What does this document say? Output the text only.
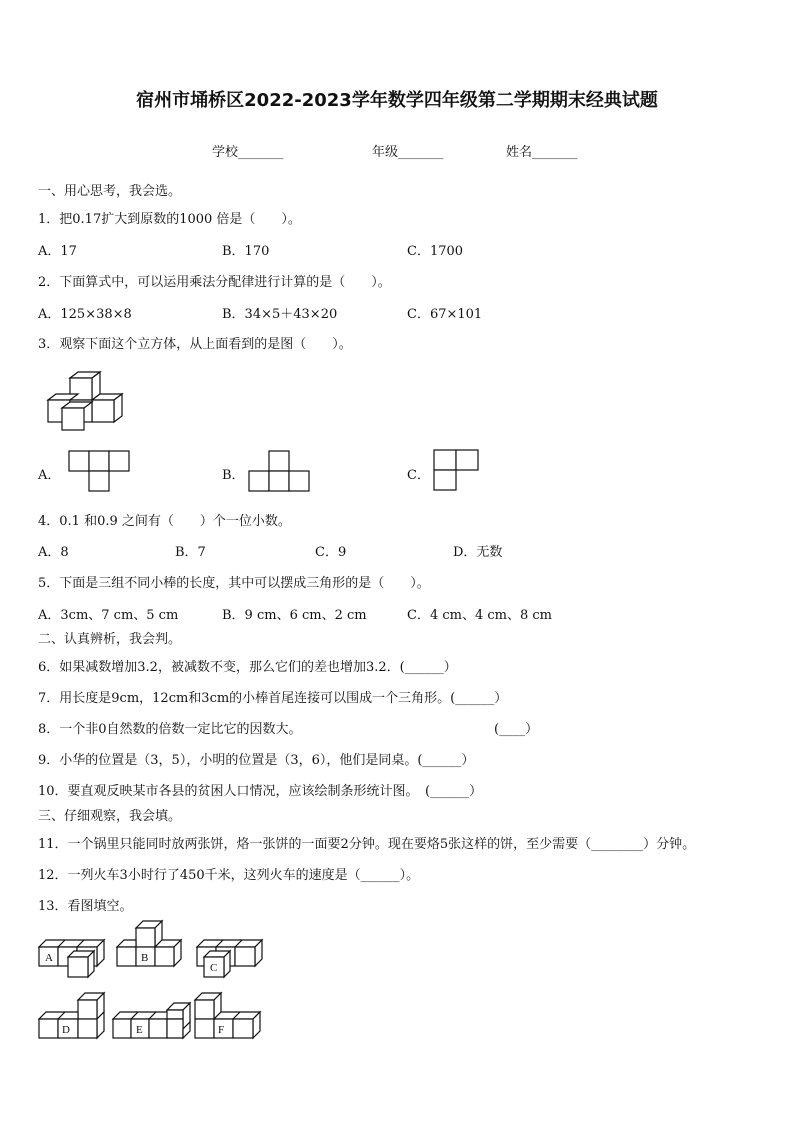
宿州市埇桥区2022-2023学年数学四年级第二学期期末经典试题
学校_______	年级_______	姓名_______
一、用心思考，我会选。
1．把0.17扩大到原数的1000 倍是（　　）。
A．17	B．170	C．1700
2．下面算式中，可以运用乘法分配律进行计算的是（　　）。
A．125×38×8	B．34×5＋43×20	C．67×101
3．观察下面这个立方体，从上面看到的是图（　　）。
A．	B．	C．
4．0.1 和0.9 之间有（　　）个一位小数。
A．8	B．7	C．9	D．无数
5．下面是三组不同小棒的长度，其中可以摆成三角形的是（　　）。
A．3cm、7 cm、5 cm	B．9 cm、6 cm、2 cm	C．4 cm、4 cm、8 cm
二、认真辨析，我会判。
6．如果减数增加3.2，被减数不变，那么它们的差也增加3.2．(______）
7．用长度是9cm，12cm和3cm的小棒首尾连接可以围成一个三角形。(______）
8．一个非0自然数的倍数一定比它的因数大。	(____）
9．小华的位置是（3，5），小明的位置是（3，6），他们是同桌。(______）
10．要直观反映某市各县的贫困人口情况，应该绘制条形统计图。　(______）
三、仔细观察，我会填。
11．一个锅里只能同时放两张饼，烙一张饼的一面要2分钟。现在要烙5张这样的饼，至少需要（________）分钟。
12．一列火车3小时行了450千米，这列火车的速度是（______）。
13．看图填空。
A	B
C
D	E	F
